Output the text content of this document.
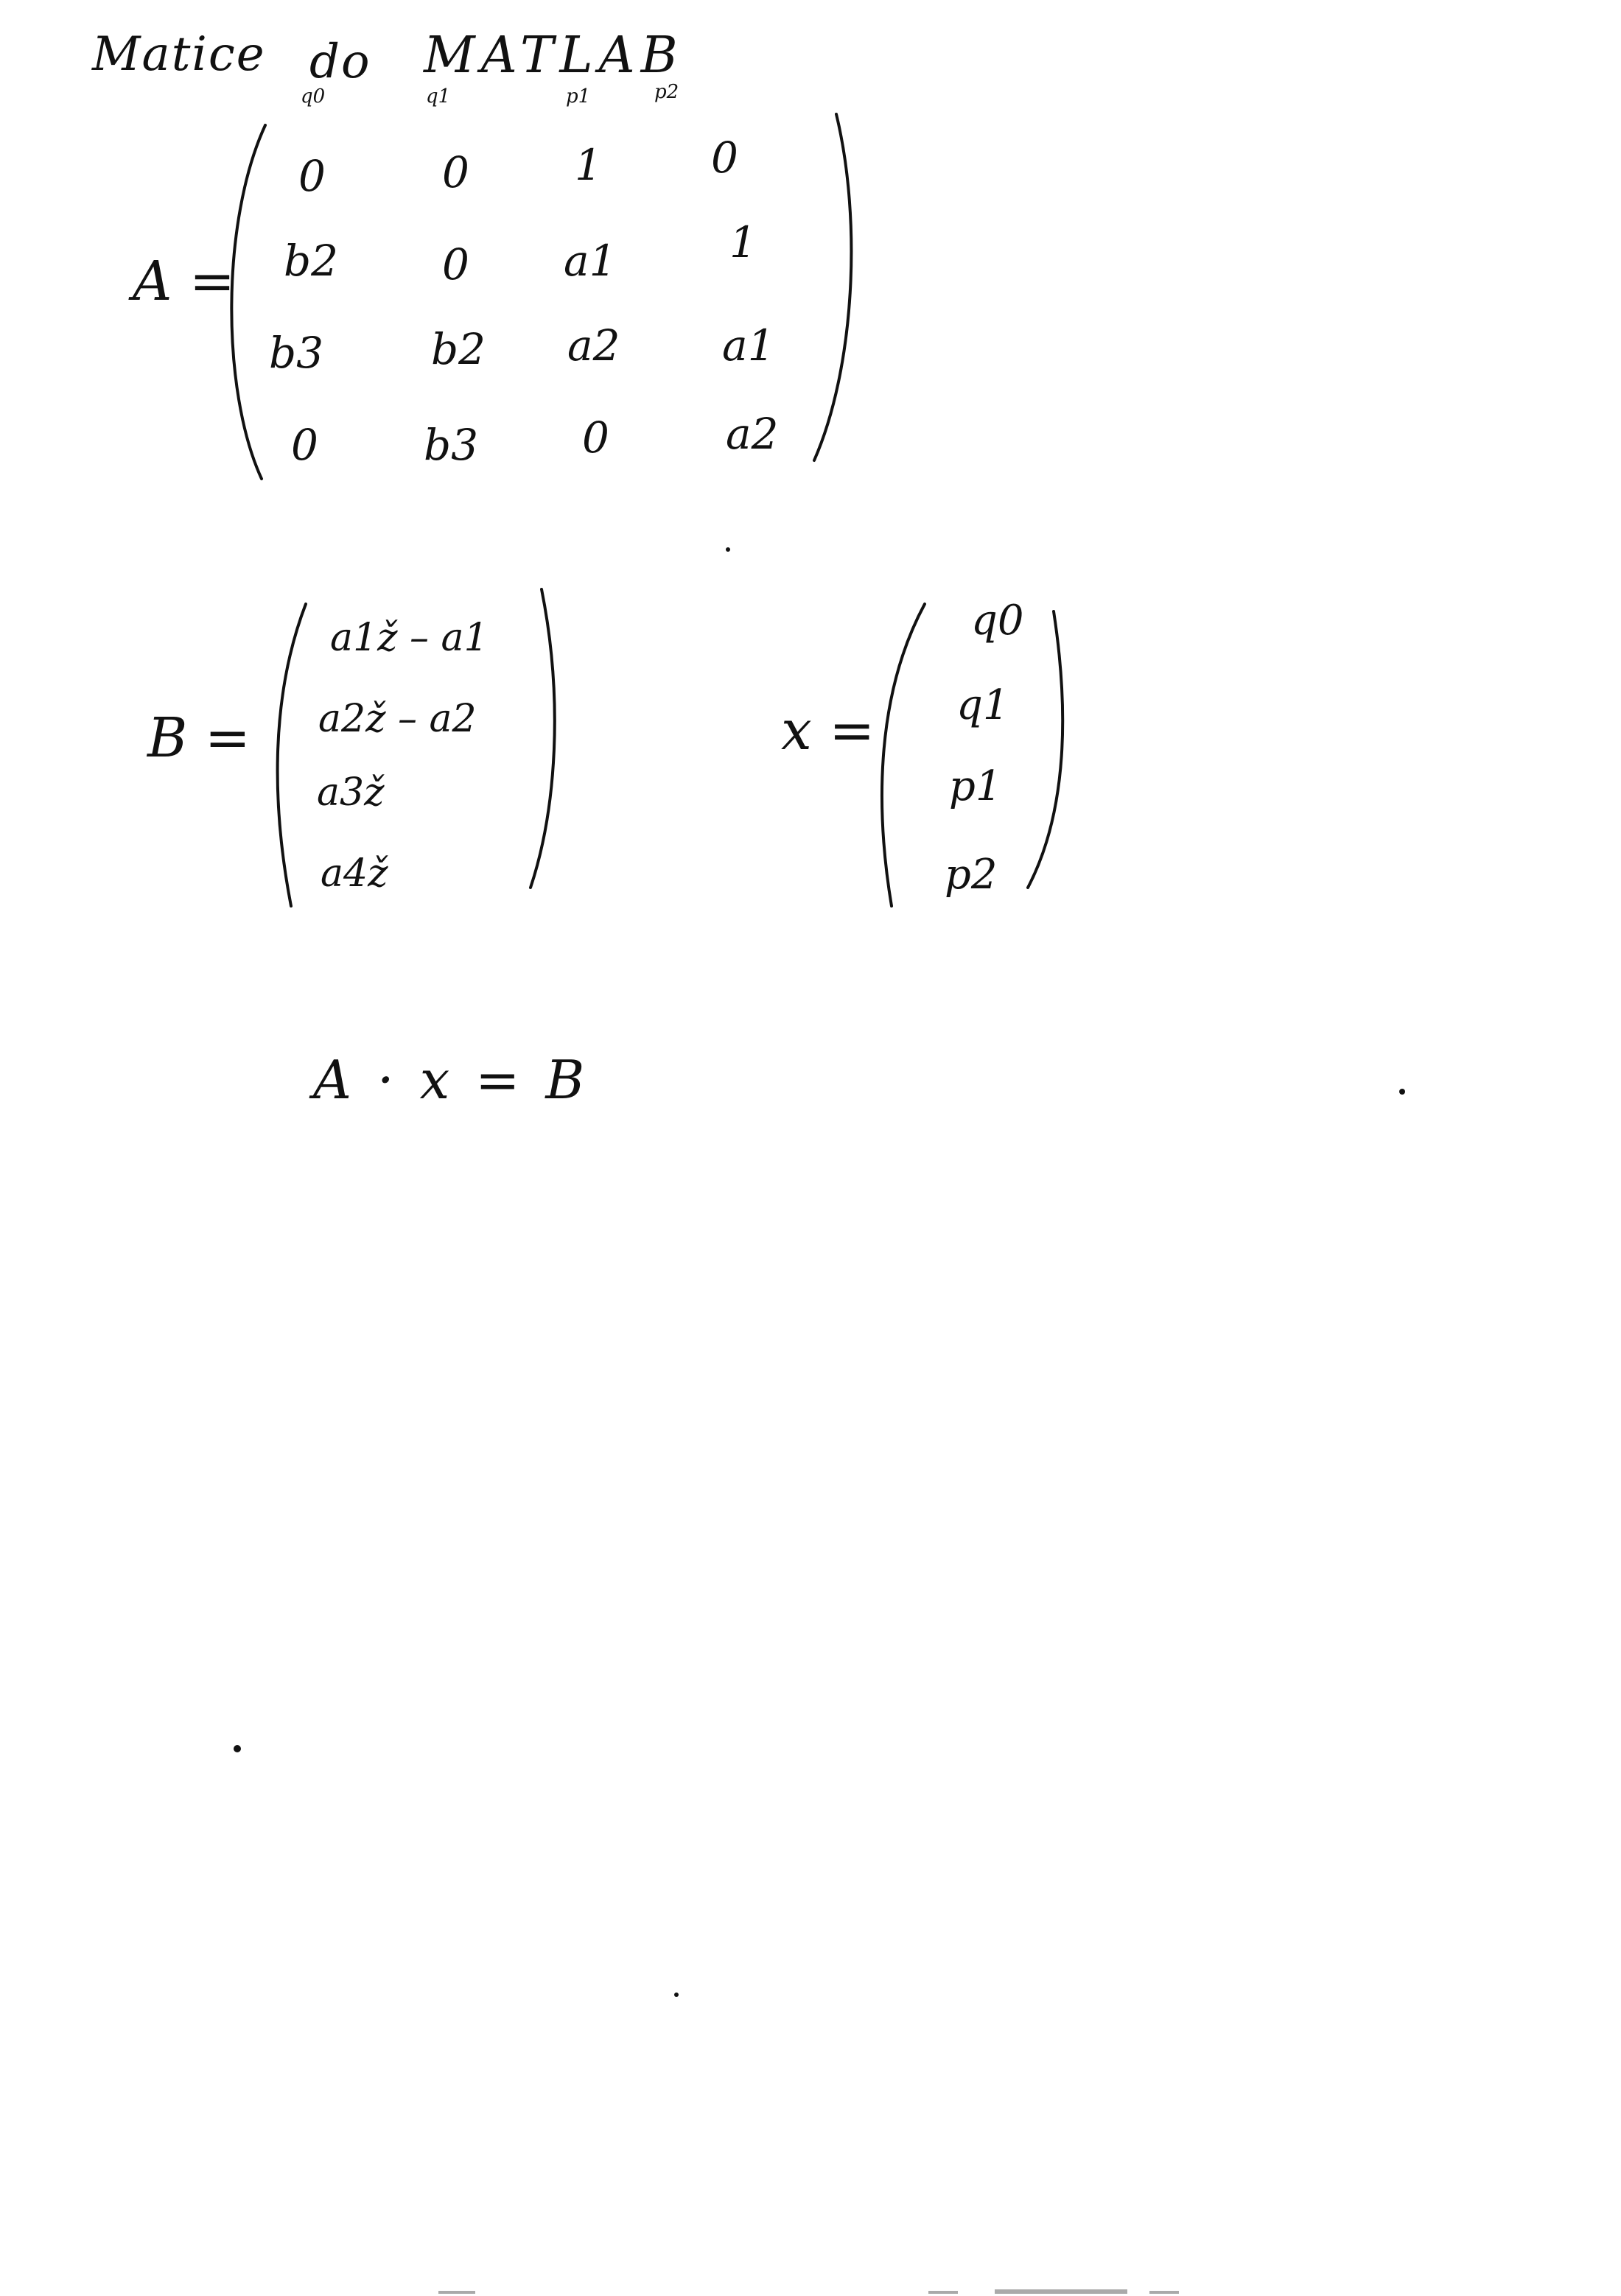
Matice do MATLAB
q0	q1	p1	p2
A =
0	0 1	0
b2 0 a1	1
b3	b2 a2 a1
0 b3 0	a2
B =
a1ž – a1
a2ž – a2
a3ž
a4ž
x =
q0
q1
p1
p2
A · x = B
